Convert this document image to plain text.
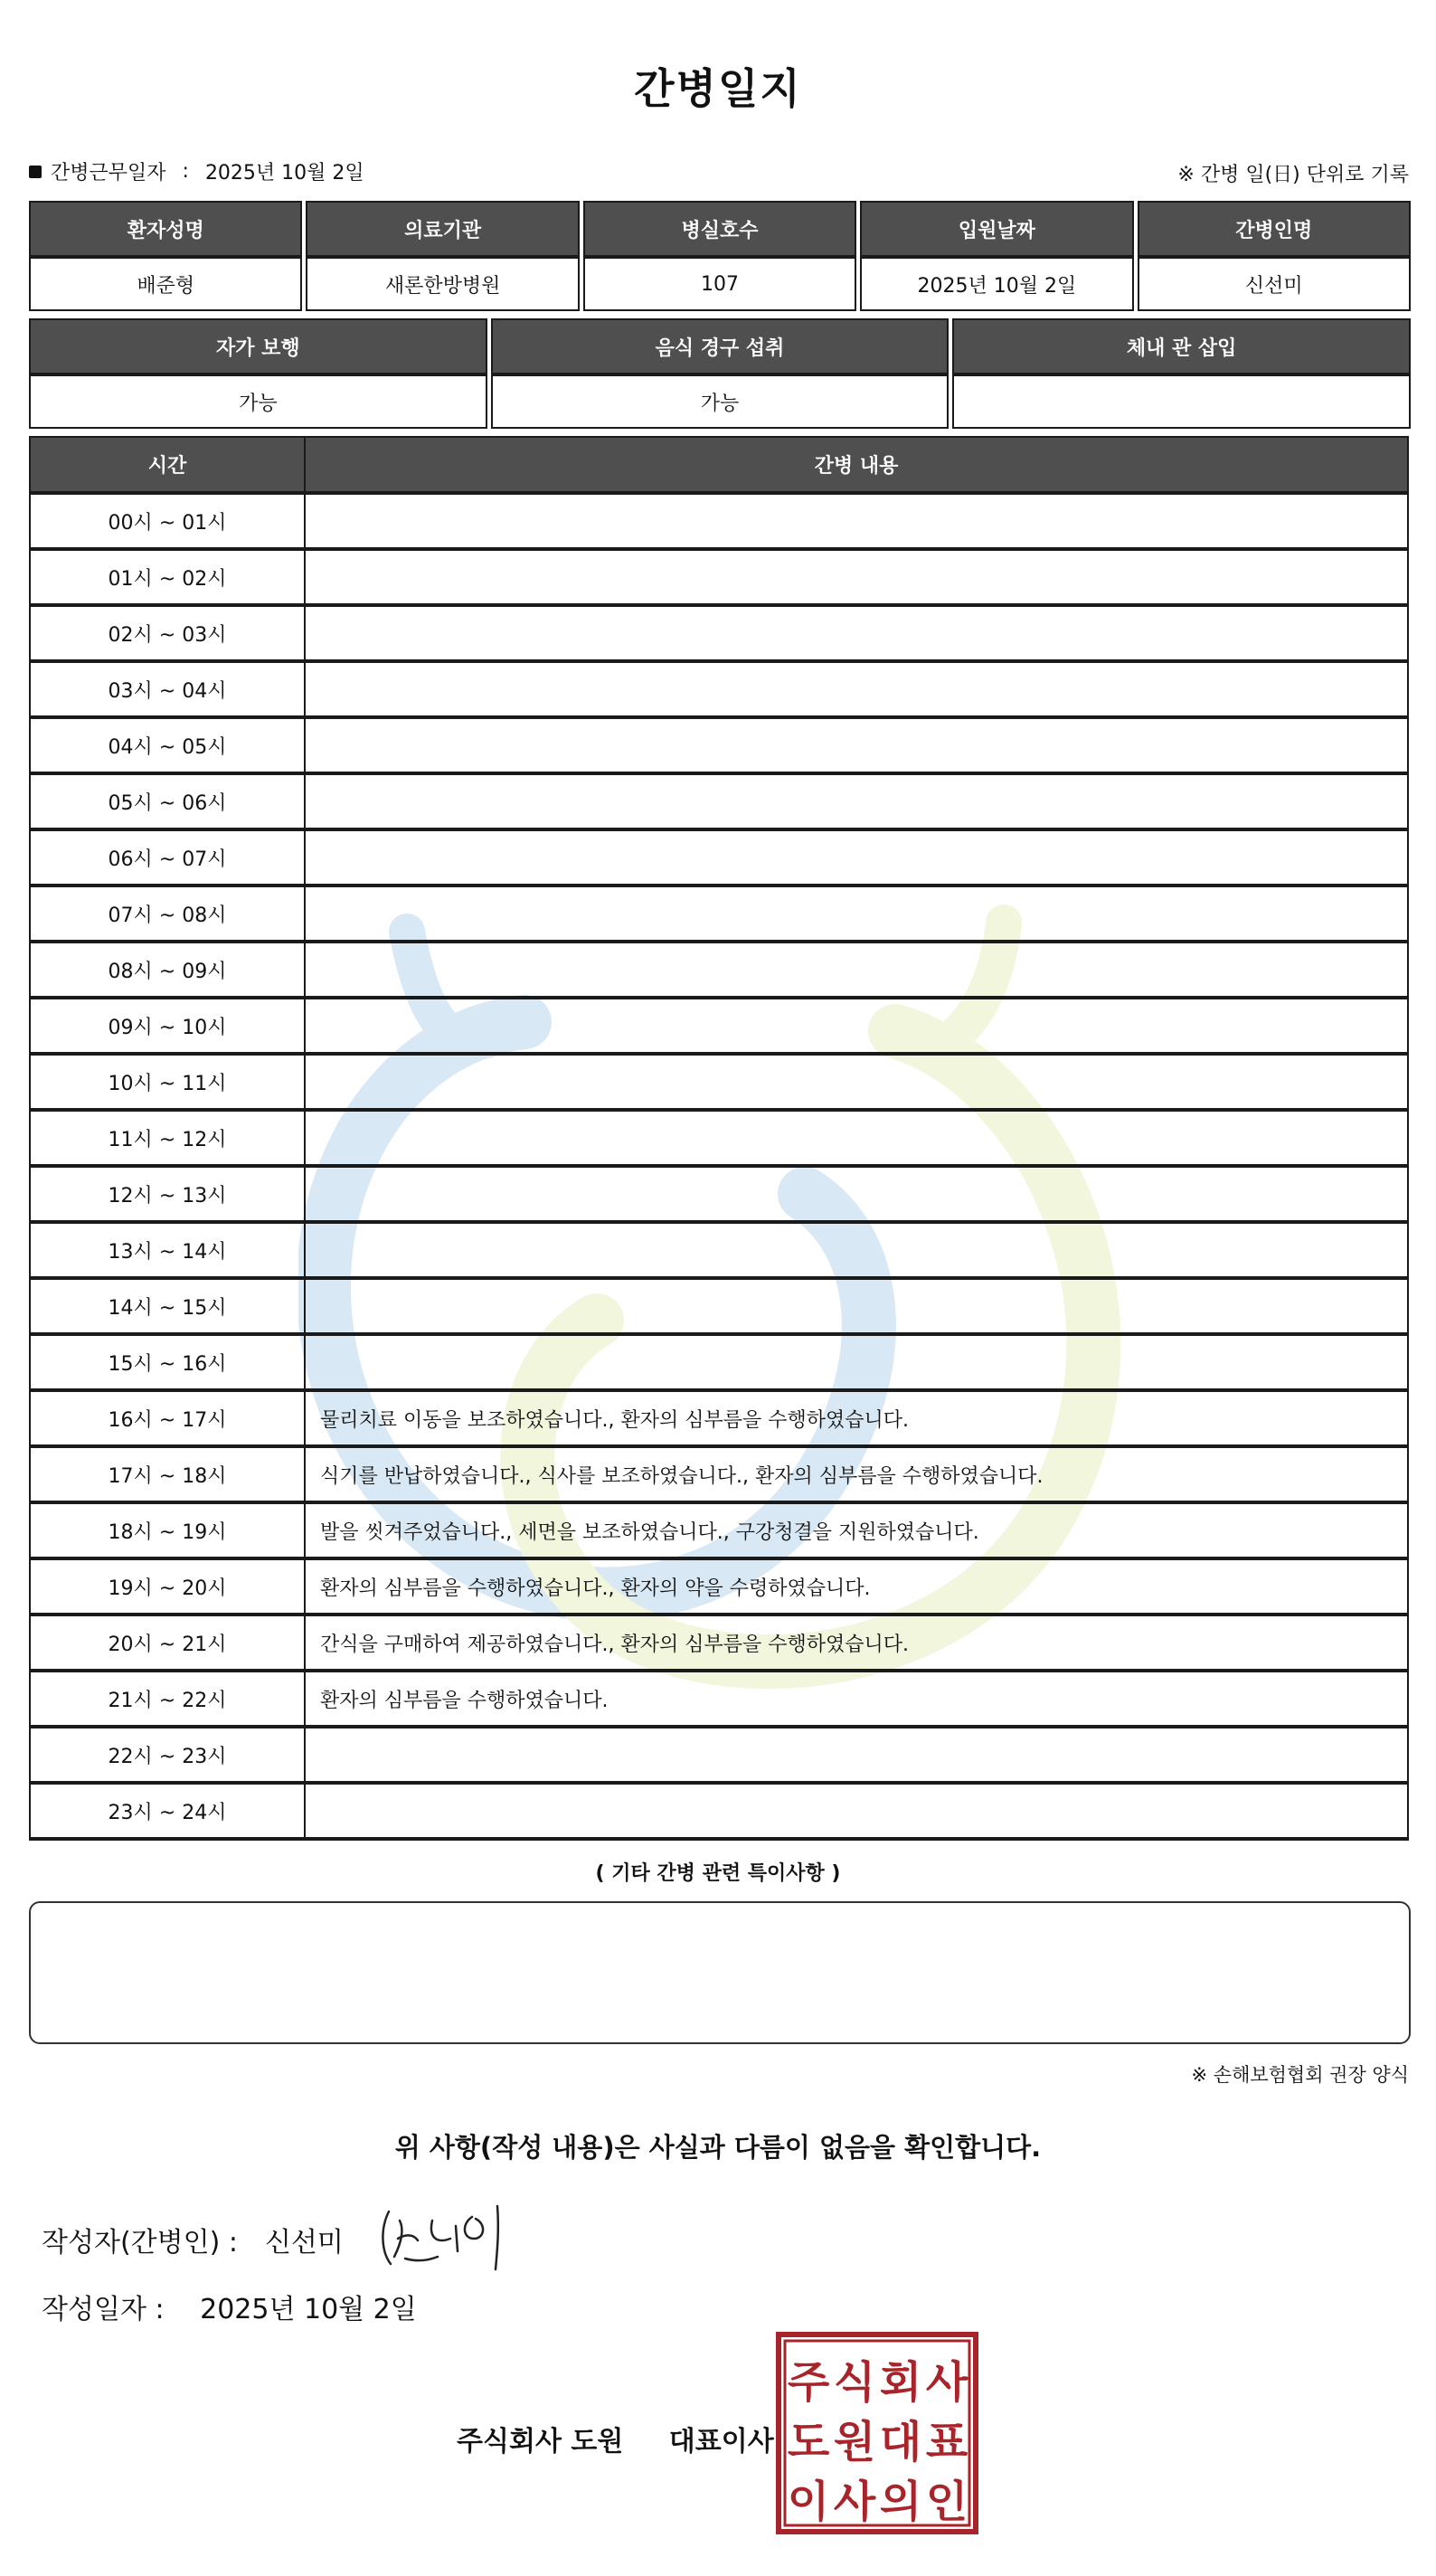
간병일지
간병근무일자 : 2025년 10월 2일	※ 간병 일(日) 단위로 기록
환자성명	의료기관	병실호수	입원날짜	간병인명
배준형	새론한방병원	107	2025년 10월 2일	신선미
자가 보행	음식 경구 섭취	체내 관 삽입
가능	가능	
시간	간병 내용
00시 ~ 01시	
01시 ~ 02시	
02시 ~ 03시	
03시 ~ 04시	
04시 ~ 05시	
05시 ~ 06시	
06시 ~ 07시	
07시 ~ 08시	
08시 ~ 09시	
09시 ~ 10시	
10시 ~ 11시	
11시 ~ 12시	
12시 ~ 13시	
13시 ~ 14시	
14시 ~ 15시	
15시 ~ 16시	
16시 ~ 17시	물리치료 이동을 보조하였습니다., 환자의 심부름을 수행하였습니다.
17시 ~ 18시	식기를 반납하였습니다., 식사를 보조하였습니다., 환자의 심부름을 수행하였습니다.
18시 ~ 19시	발을 씻겨주었습니다., 세면을 보조하였습니다., 구강청결을 지원하였습니다.
19시 ~ 20시	환자의 심부름을 수행하였습니다., 환자의 약을 수령하였습니다.
20시 ~ 21시	간식을 구매하여 제공하였습니다., 환자의 심부름을 수행하였습니다.
21시 ~ 22시	환자의 심부름을 수행하였습니다.
22시 ~ 23시	
23시 ~ 24시	
( 기타 간병 관련 특이사항 )
※ 손해보험협회 권장 양식
위 사항(작성 내용)은 사실과 다름이 없음을 확인합니다.
작성자(간병인) : 신선미
작성일자 : 2025년 10월 2일
주식회사 도원 대표이사
주 식 회 사
도 원 대 표
이 사 의 인
